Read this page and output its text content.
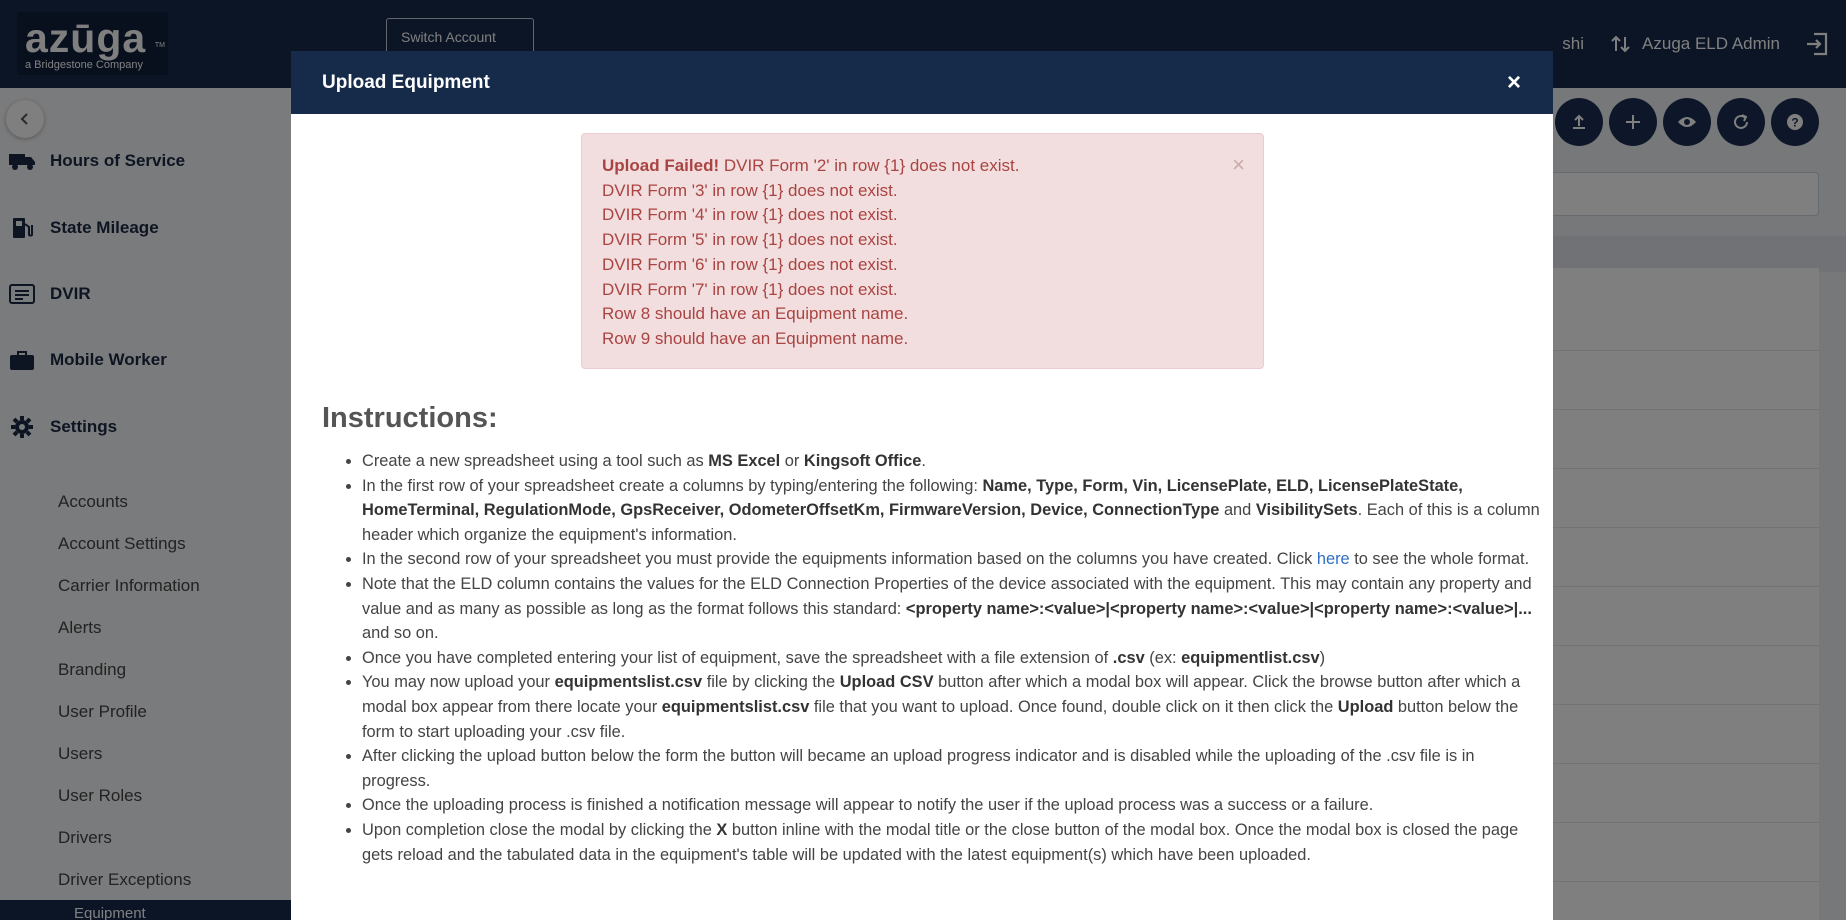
Upload Equipment	×
×
Upload Failed! DVIR Form '2' in row {1} does not exist.
DVIR Form '3' in row {1} does not exist.
DVIR Form '4' in row {1} does not exist.
DVIR Form '5' in row {1} does not exist.
DVIR Form '6' in row {1} does not exist.
DVIR Form '7' in row {1} does not exist.
Row 8 should have an Equipment name.
Row 9 should have an Equipment name.
Instructions:
• Create a new spreadsheet using a tool such as MS Excel or Kingsoft Office.
• In the first row of your spreadsheet create a columns by typing/entering the following: Name, Type, Form, Vin, LicensePlate, ELD, LicensePlateState, HomeTerminal, RegulationMode, GpsReceiver, OdometerOffsetKm, FirmwareVersion, Device, ConnectionType and VisibilitySets. Each of this is a column header which organize the equipment's information.
• In the second row of your spreadsheet you must provide the equipments information based on the columns you have created. Click here to see the whole format.
• Note that the ELD column contains the values for the ELD Connection Properties of the device associated with the equipment. This may contain any property and value and as many as possible as long as the format follows this standard: <property name>:<value>|<property name>:<value>|<property name>:<value>|... and so on.
• Once you have completed entering your list of equipment, save the spreadsheet with a file extension of .csv (ex: equipmentlist.csv)
• You may now upload your equipmentslist.csv file by clicking the Upload CSV button after which a modal box will appear. Click the browse button after which a modal box appear from there locate your equipmentslist.csv file that you want to upload. Once found, double click on it then click the Upload button below the form to start uploading your .csv file.
• After clicking the upload button below the form the button will became an upload progress indicator and is disabled while the uploading of the .csv file is in progress.
• Once the uploading process is finished a notification message will appear to notify the user if the upload process was a success or a failure.
• Upon completion close the modal by clicking the X button inline with the modal title or the close button of the modal box. Once the modal box is closed the page gets reload and the tabulated data in the equipment's table will be updated with the latest equipment(s) which have been uploaded.
